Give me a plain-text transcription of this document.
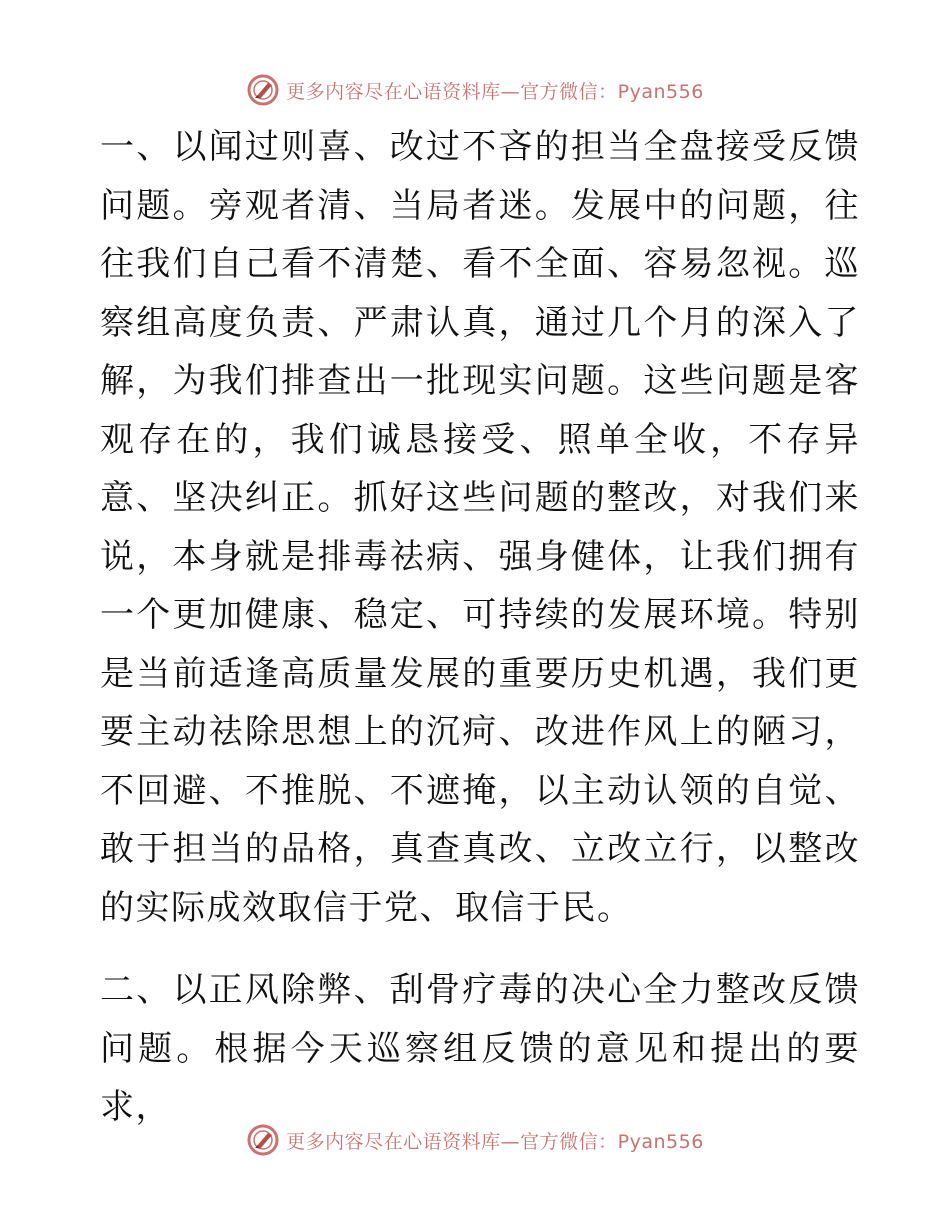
更多内容尽在心语资料库—官方微信：Pyan556

一、以闻过则喜、改过不吝的担当全盘接受反馈问题。旁观者清、当局者迷。发展中的问题，往往我们自己看不清楚、看不全面、容易忽视。巡察组高度负责、严肃认真，通过几个月的深入了解，为我们排查出一批现实问题。这些问题是客观存在的，我们诚恳接受、照单全收，不存异意、坚决纠正。抓好这些问题的整改，对我们来说，本身就是排毒祛病、强身健体，让我们拥有一个更加健康、稳定、可持续的发展环境。特别是当前适逢高质量发展的重要历史机遇，我们更要主动祛除思想上的沉疴、改进作风上的陋习，不回避、不推脱、不遮掩，以主动认领的自觉、敢于担当的品格，真查真改、立改立行，以整改的实际成效取信于党、取信于民。

二、以正风除弊、刮骨疗毒的决心全力整改反馈问题。根据今天巡察组反馈的意见和提出的要求，

更多内容尽在心语资料库—官方微信：Pyan556
